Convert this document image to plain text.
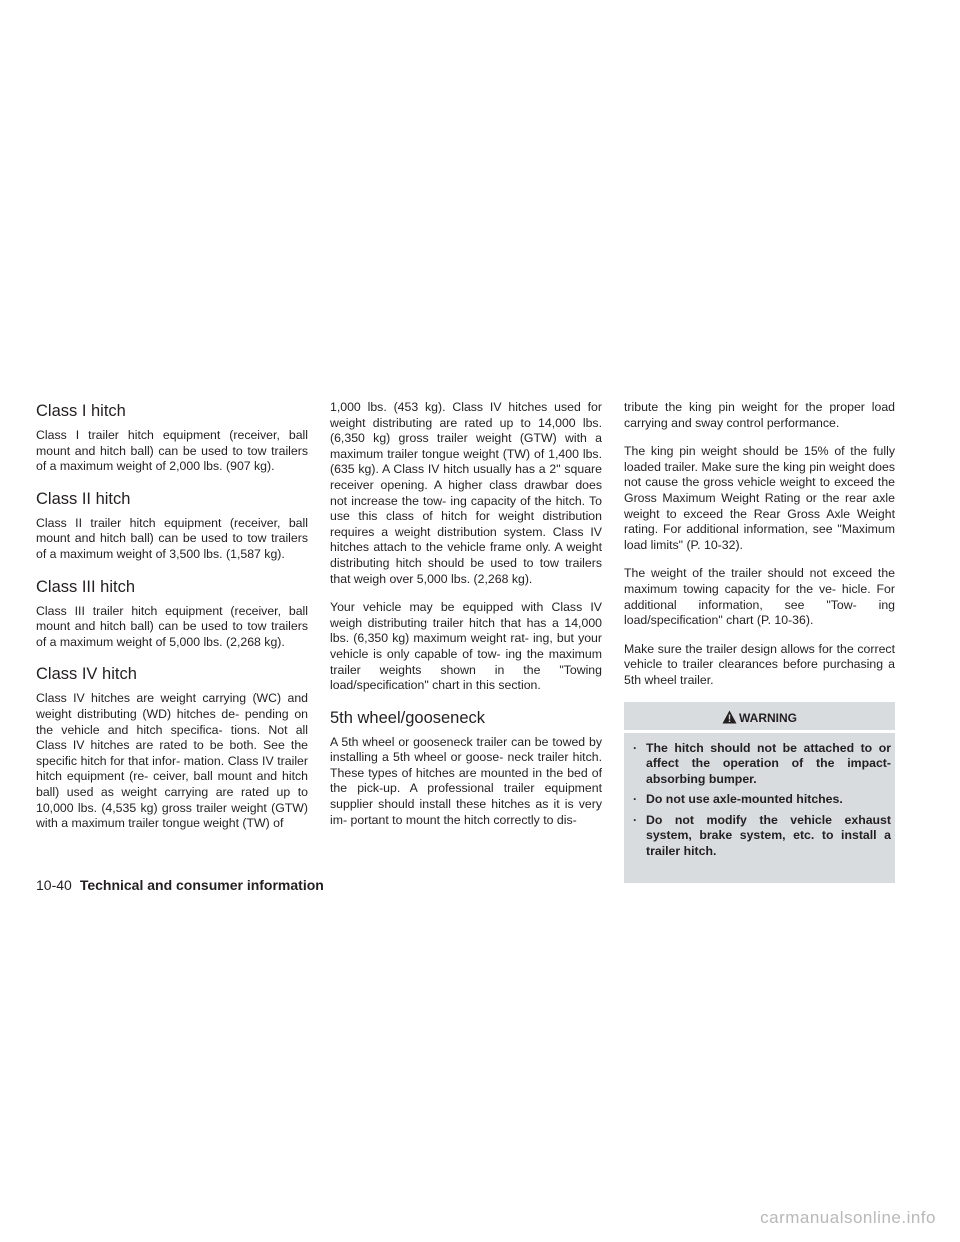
Class I hitch

Class I trailer hitch equipment (receiver, ball mount and hitch ball) can be used to tow trailers of a maximum weight of 2,000 lbs. (907 kg).

Class II hitch

Class II trailer hitch equipment (receiver, ball mount and hitch ball) can be used to tow trailers of a maximum weight of 3,500 lbs. (1,587 kg).

Class III hitch

Class III trailer hitch equipment (receiver, ball mount and hitch ball) can be used to tow trailers of a maximum weight of 5,000 lbs. (2,268 kg).

Class IV hitch

Class IV hitches are weight carrying (WC) and weight distributing (WD) hitches de- pending on the vehicle and hitch specifica- tions. Not all Class IV hitches are rated to be both. See the specific hitch for that infor- mation. Class IV trailer hitch equipment (re- ceiver, ball mount and hitch ball) used as weight carrying are rated up to 10,000 lbs. (4,535 kg) gross trailer weight (GTW) with a maximum trailer tongue weight (TW) of

1,000 lbs. (453 kg). Class IV hitches used for weight distributing are rated up to 14,000 lbs. (6,350 kg) gross trailer weight (GTW) with a maximum trailer tongue weight (TW) of 1,400 lbs. (635 kg). A Class IV hitch usually has a 2" square receiver opening. A higher class drawbar does not increase the tow- ing capacity of the hitch. To use this class of hitch for weight distribution requires a weight distribution system. Class IV hitches attach to the vehicle frame only. A weight distributing hitch should be used to tow trailers that weigh over 5,000 lbs. (2,268 kg).

Your vehicle may be equipped with Class IV weigh distributing trailer hitch that has a 14,000 lbs. (6,350 kg) maximum weight rat- ing, but your vehicle is only capable of tow- ing the maximum trailer weights shown in the "Towing load/specification" chart in this section.

5th wheel/gooseneck

A 5th wheel or gooseneck trailer can be towed by installing a 5th wheel or goose- neck trailer hitch. These types of hitches are mounted in the bed of the pick-up. A professional trailer equipment supplier should install these hitches as it is very im- portant to mount the hitch correctly to dis-

tribute the king pin weight for the proper load carrying and sway control performance.

The king pin weight should be 15% of the fully loaded trailer. Make sure the king pin weight does not cause the gross vehicle weight to exceed the Gross Maximum Weight Rating or the rear axle weight to exceed the Rear Gross Axle Weight rating. For additional information, see "Maximum load limits" (P. 10-32).

The weight of the trailer should not exceed the maximum towing capacity for the ve- hicle. For additional information, see "Tow- ing load/specification" chart (P. 10-36).

Make sure the trailer design allows for the correct vehicle to trailer clearances before purchasing a 5th wheel trailer.

WARNING
· The hitch should not be attached to or affect the operation of the impact- absorbing bumper.
· Do not use axle-mounted hitches.
· Do not modify the vehicle exhaust system, brake system, etc. to install a trailer hitch.
10-40 Technical and consumer information
carmanualsonline.info
